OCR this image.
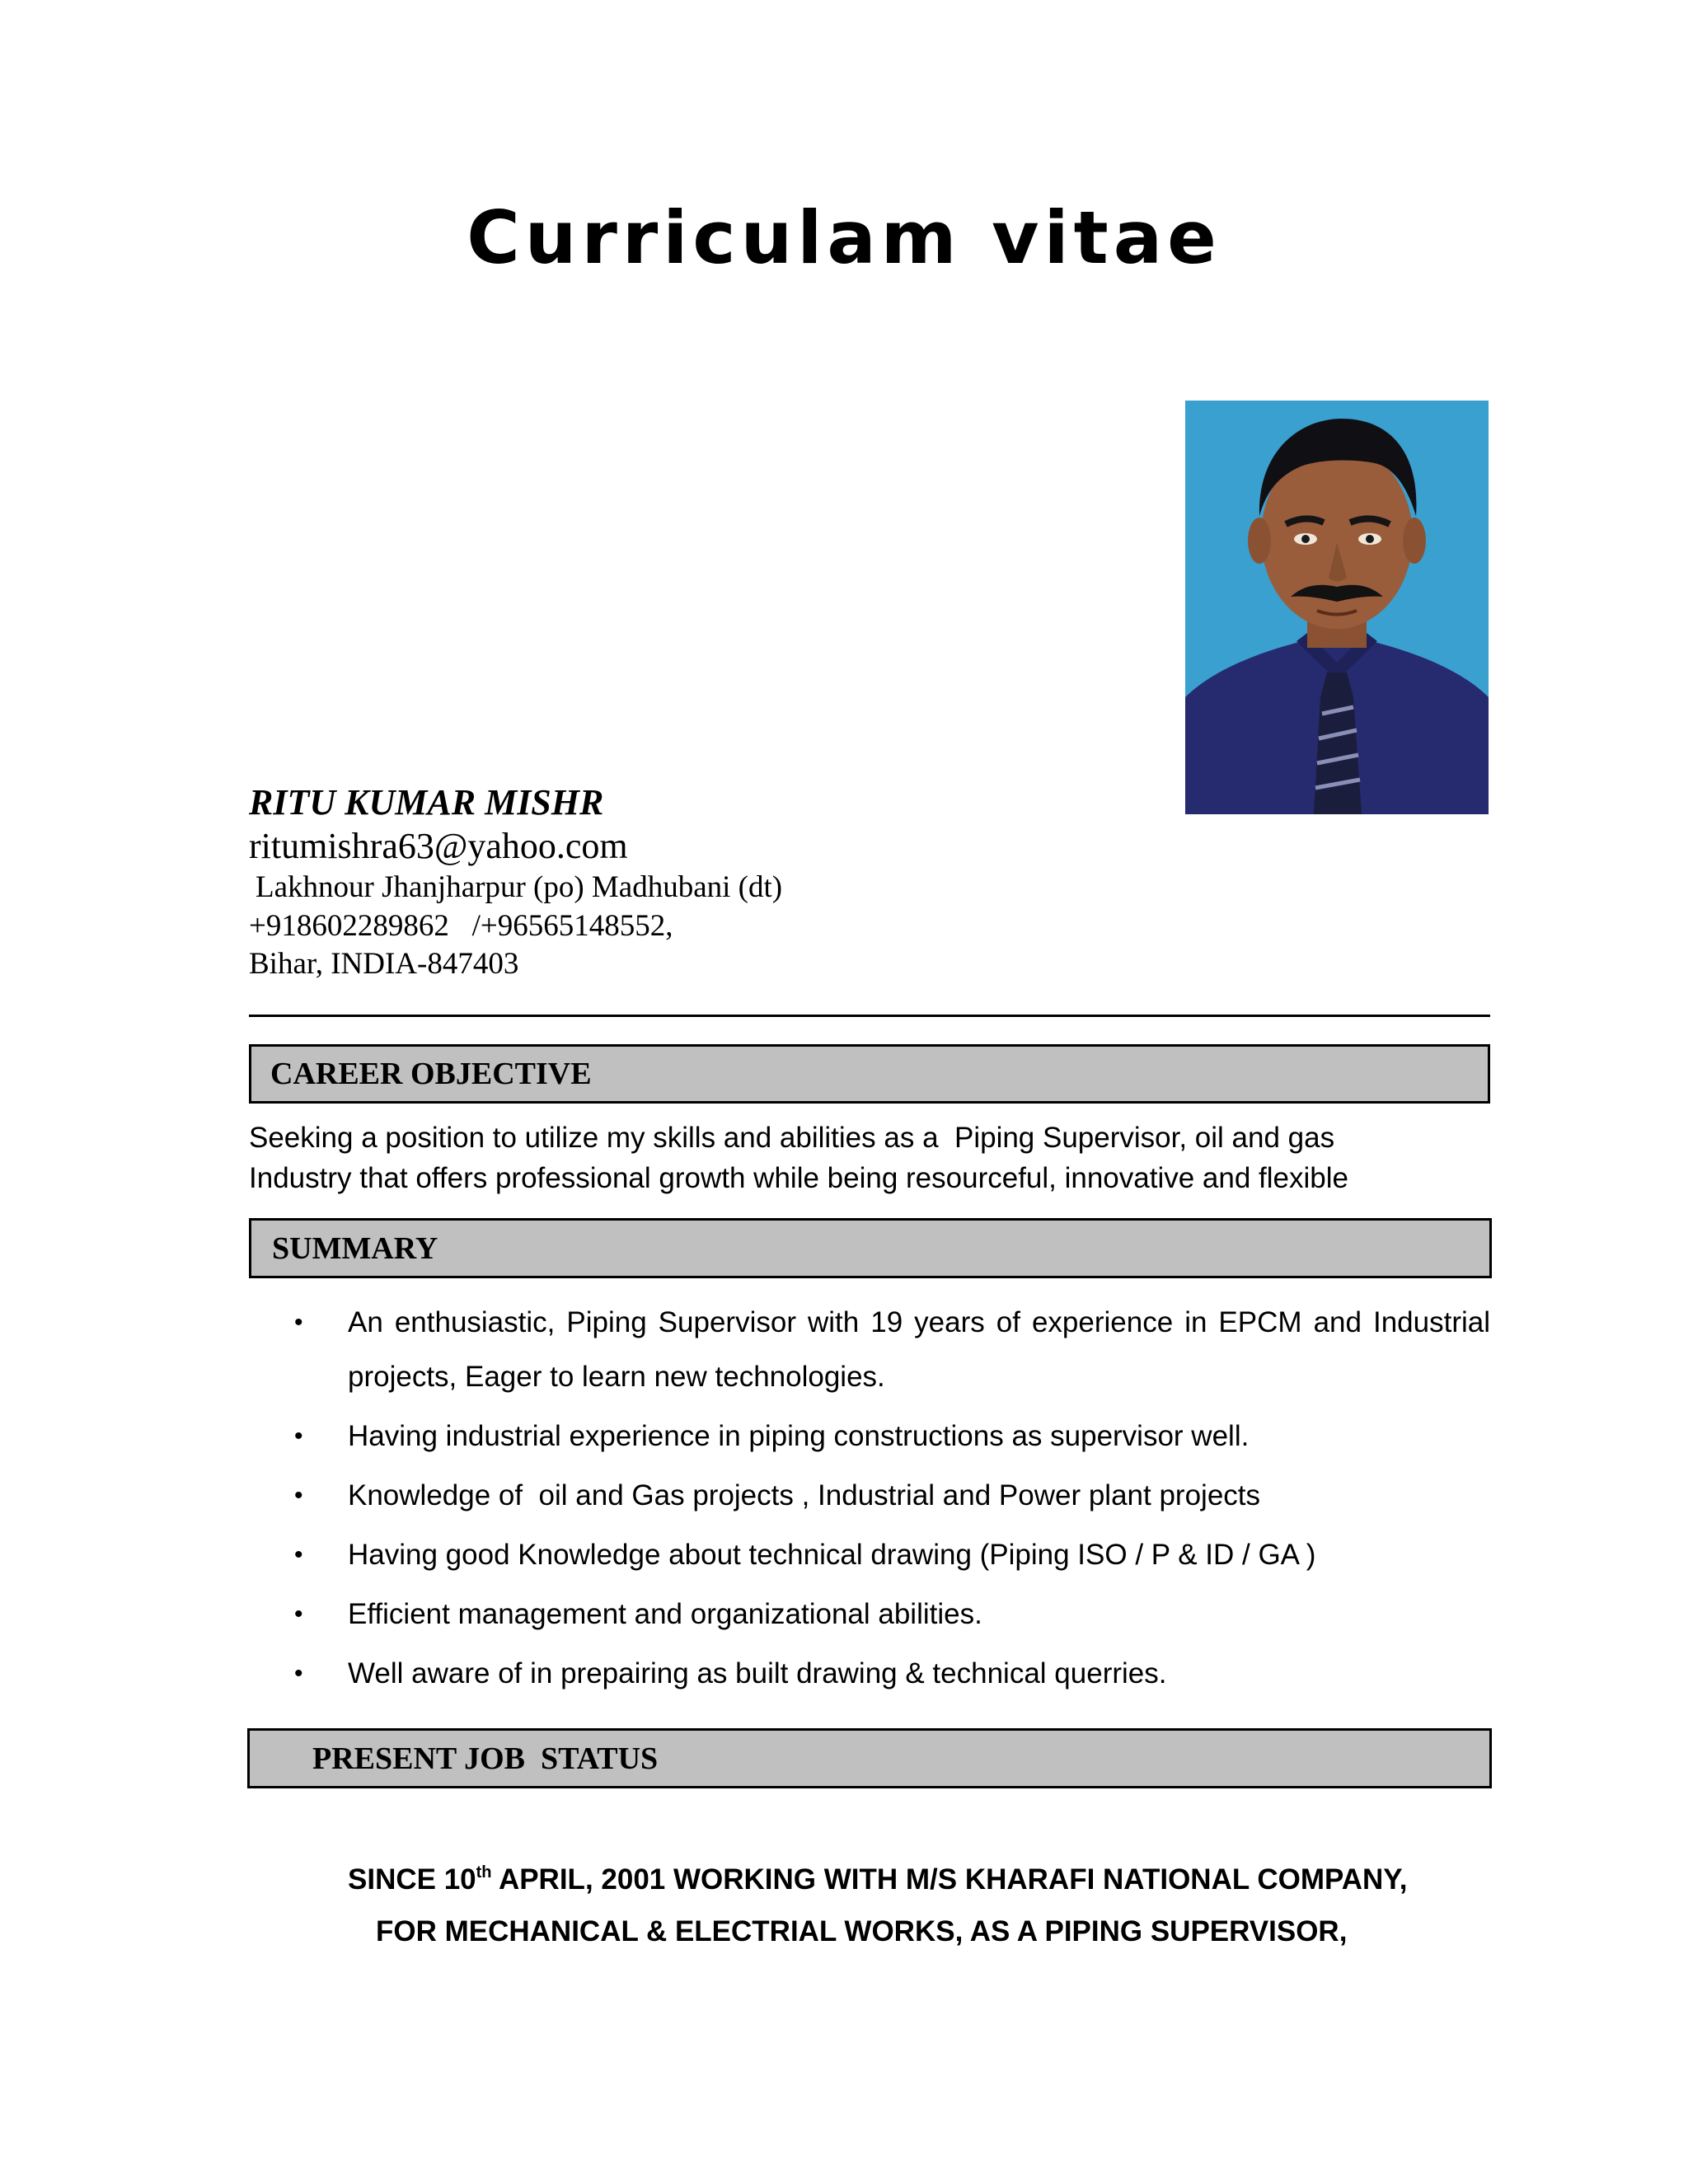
Curriculam vitae
RITU KUMAR MISHR
ritumishra63@yahoo.com
Lakhnour Jhanjharpur (po) Madhubani (dt)
+918602289862   /+96565148552,
Bihar, INDIA-847403
CAREER OBJECTIVE
Seeking a position to utilize my skills and abilities as a  Piping Supervisor, oil and gas
Industry that offers professional growth while being resourceful, innovative and flexible
SUMMARY
• An enthusiastic, Piping Supervisor with 19 years of experience in EPCM and Industrial projects, Eager to learn new technologies.
• Having industrial experience in piping constructions as supervisor well.
• Knowledge of  oil and Gas projects , Industrial and Power plant projects
• Having good Knowledge about technical drawing (Piping ISO / P & ID / GA )
• Efficient management and organizational abilities.
• Well aware of in prepairing as built drawing & technical querries.
PRESENT JOB  STATUS
SINCE 10th APRIL, 2001 WORKING WITH M/S KHARAFI NATIONAL COMPANY,
FOR MECHANICAL & ELECTRIAL WORKS, AS A PIPING SUPERVISOR,
